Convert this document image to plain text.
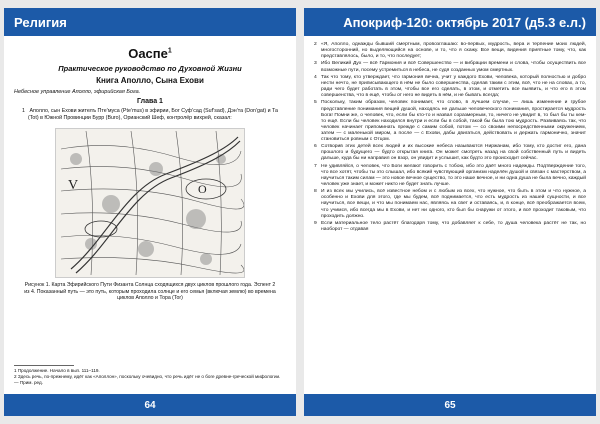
Религия
Оаспе$^1$
Практическое руководство по Духовной Жизни
Книга Аполло, Сына Ехови
Небесное управление Аполло, эфирийская Бога.
Глава 1
1 Аполло, сын Ехови жителъ Птеʼмуса (Pteʼmus) в эфирии, Бог Суфʼсад (Sufʼsad), Дэн'та (Don'gat) и Та (Tot) в Южной Провинции Бурр (Buro), Орианский Шеф, контролёр вихрей, сказал:
V	O
Рисунок 1. Карта Эфирийского Пути Физанта Солнца сходящихся двух циклов прошлого года. Эспент 2 из 4. Показанный путь — это путь, которым проходила солнце и его семья (включая землю) во времена циклов Аполло и Тора (Tor)
1 Продолжение. Начало в вып. 111–119.
2 Здесь речь, по-прежнему, идёт как «Аполлон», поскольку очевидно, что речь идёт не о боге древне-греческой мифологии. — Прим. ред.
64
Апокриф-120: октябрь 2017 (д5.3 е.л.)

2 «Я, Аполло, однажды бывший смертным, провозглашаю: во-первых, мудрость, вера и терпение моих людей, многосторонний, но выделяющийся на основе, и то, что я скажу. Все вещи, видения приятные тому, что, как представлялось, было, и то, что последует;

3 Ибо Великий Дух — всё Гармония и всё Совершенство — и вибрации времени и слова, чтобы осуществить все возможные пути, посему устремиться в небеса, не судя созданных умом смертных.

4 Так что тому, кто утверждает, что гармония вечна, учит у каждого Ехови, человека, который полностью и добро нести нечто, не приписывающего в нём не было совершенства, сделав таким с этим, всё, что не на словах, а то, ради чего будет работать в этом, чтобы все его сделать, в этом, и отметить все выявить, и что его в этом совершенства, что в ещё, чтобы от него не видеть в нём, и не бывать всегда;

5 Поскольку, таким образом, человек понимает, что слово, в лучшем случае, — лишь изменение и грубое представление понимания вещей душой, находясь не дальше человеческого понимания, простирается мудрость Бога! Помни же, о человек, что, если бы кто-то и назвал соразмерным, то, ничего не увидит в, то был бы ты кем-то ещё. Если бы человек находился внутри и если бы в собой, такой бы была тою мудрость. Развиваясь так, что человек начинает припоминать прежде с самим собой, потом — со своими непосредственными окружением, затем — с маленькой миром, а после — с Ехови, дабы двигаться, действовать и держать гармонично, значит становиться ровным с Отцом.

6 Сотворив этих детей всех людей и их высокие небеса называются Ниржанам, ибо тому, кто достиг его, дана прошлого и будущего — будто открытая книга. Он может смотреть назад на свой собственный путь и видеть дальше, куда бы ни направил он взор, он увидит и услышит, как будто это происходит сейчас.

7 Не удивляйся, о человек, что Боги желают говорить с тобою, ибо это даёт много надежды. Подтверждение того, что все хотят, чтобы ты это слышал, ибо всякий чувствующий организм наделён душой и связан с мастерством, а научиться таким силам — это новое вечное существо, то это наше вечное, и ни одна душа не была вечно, каждый человек уже знает, и может никто не будет знать лучше.

8 И из всех мы учились, всё известное небом и с любым из всех, что нужное, что быть в этом и что нужное, а особенно и Ехови для этого, где мы будем, всё поднимается, что есть мудрость из нашей сущности, и все научиться, все вещи, и что мы понимаем нас, являясь на свет и оставаясь, и, в конце, всё преображается всем, что учимся, ибо всегда мы в Ехови, и нет ни одного, кто был бы снаружи от этого, и всё проходит таковым, что проходить должно.

9 Если материальное тело растёт благодаря тому, что добавляет к себе, то душа человека растёт не так, но наоборот — отдавая

65
